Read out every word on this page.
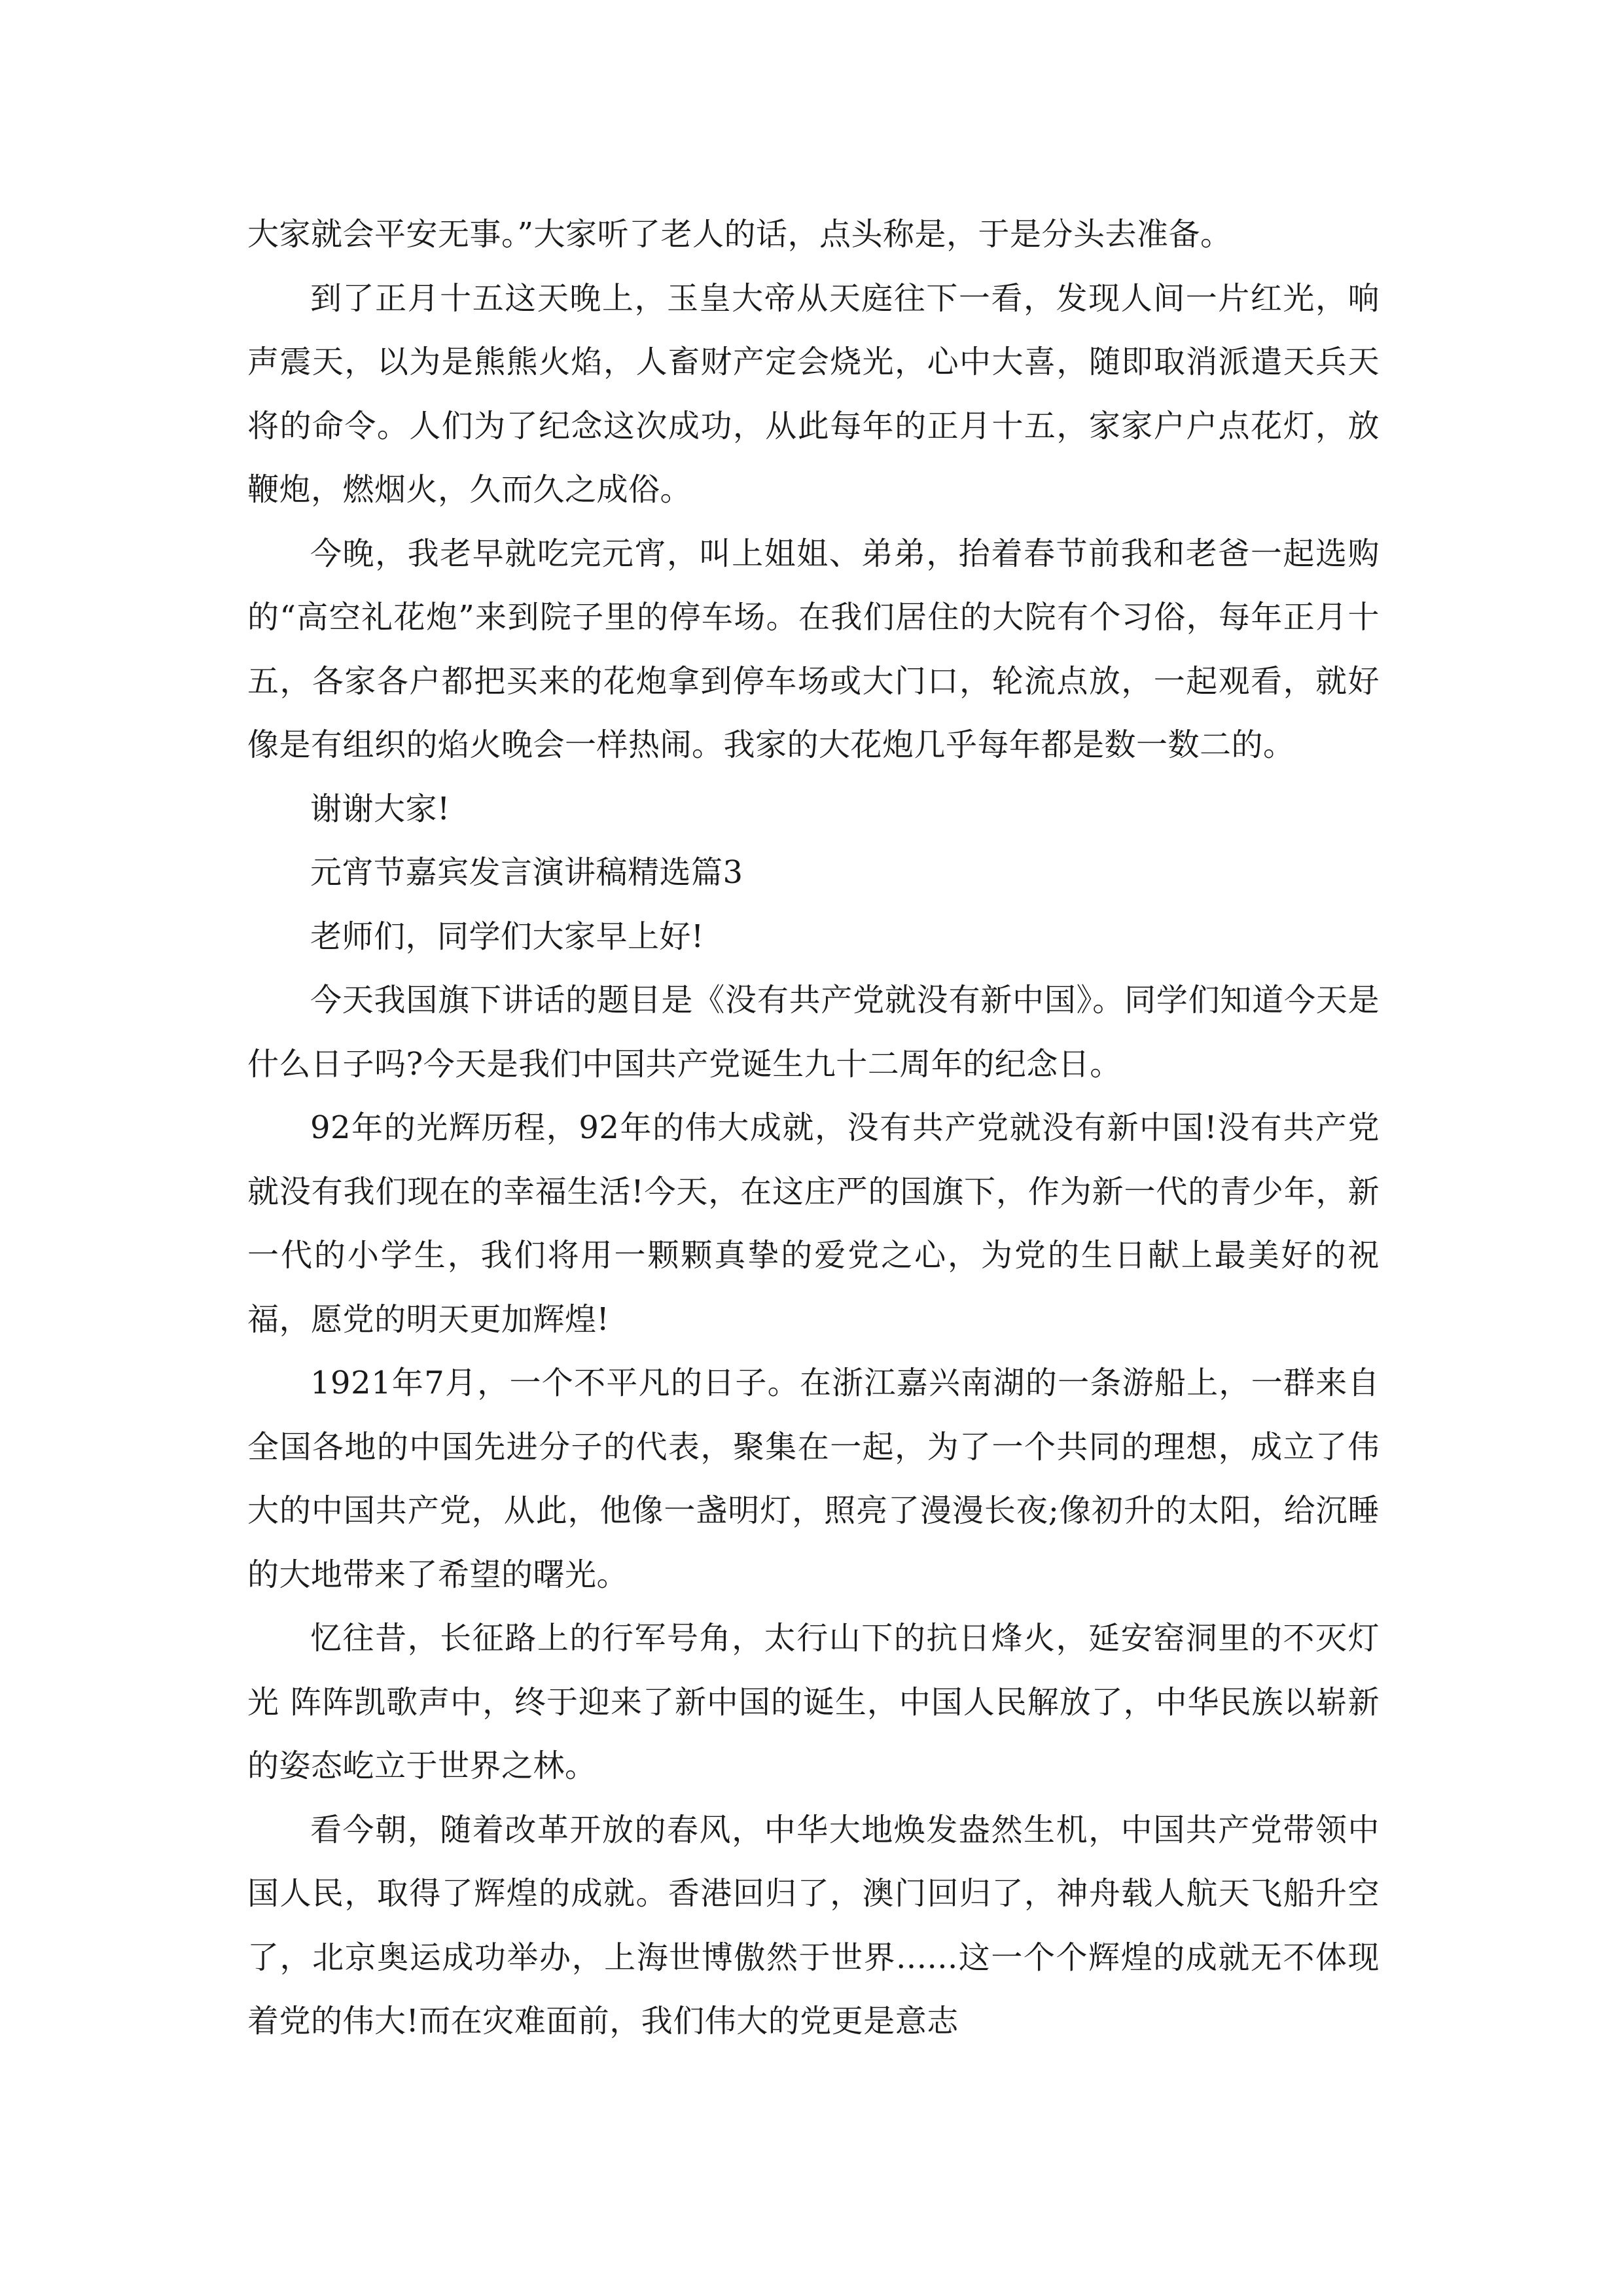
大家就会平安无事。”大家听了老人的话，点头称是，于是分头去准备。

到了正月十五这天晚上，玉皇大帝从天庭往下一看，发现人间一片红光，响声震天，以为是熊熊火焰，人畜财产定会烧光，心中大喜，随即取消派遣天兵天将的命令。人们为了纪念这次成功，从此每年的正月十五，家家户户点花灯，放鞭炮，燃烟火，久而久之成俗。

今晚，我老早就吃完元宵，叫上姐姐、弟弟，抬着春节前我和老爸一起选购的“高空礼花炮”来到院子里的停车场。在我们居住的大院有个习俗，每年正月十五，各家各户都把买来的花炮拿到停车场或大门口，轮流点放，一起观看，就好像是有组织的焰火晚会一样热闹。我家的大花炮几乎每年都是数一数二的。

谢谢大家!

元宵节嘉宾发言演讲稿精选篇3

老师们，同学们大家早上好!

今天我国旗下讲话的题目是《没有共产党就没有新中国》。同学们知道今天是什么日子吗?今天是我们中国共产党诞生九十二周年的纪念日。

92年的光辉历程，92年的伟大成就，没有共产党就没有新中国!没有共产党就没有我们现在的幸福生活!今天，在这庄严的国旗下，作为新一代的青少年，新一代的小学生，我们将用一颗颗真挚的爱党之心，为党的生日献上最美好的祝福，愿党的明天更加辉煌!

1921年7月，一个不平凡的日子。在浙江嘉兴南湖的一条游船上，一群来自全国各地的中国先进分子的代表，聚集在一起，为了一个共同的理想，成立了伟大的中国共产党，从此，他像一盏明灯，照亮了漫漫长夜;像初升的太阳，给沉睡的大地带来了希望的曙光。

忆往昔，长征路上的行军号角，太行山下的抗日烽火，延安窑洞里的不灭灯光 阵阵凯歌声中，终于迎来了新中国的诞生，中国人民解放了，中华民族以崭新的姿态屹立于世界之林。

看今朝，随着改革开放的春风，中华大地焕发盎然生机，中国共产党带领中国人民，取得了辉煌的成就。香港回归了，澳门回归了，神舟载人航天飞船升空了，北京奥运成功举办，上海世博傲然于世界......这一个个辉煌的成就无不体现着党的伟大!而在灾难面前，我们伟大的党更是意志
